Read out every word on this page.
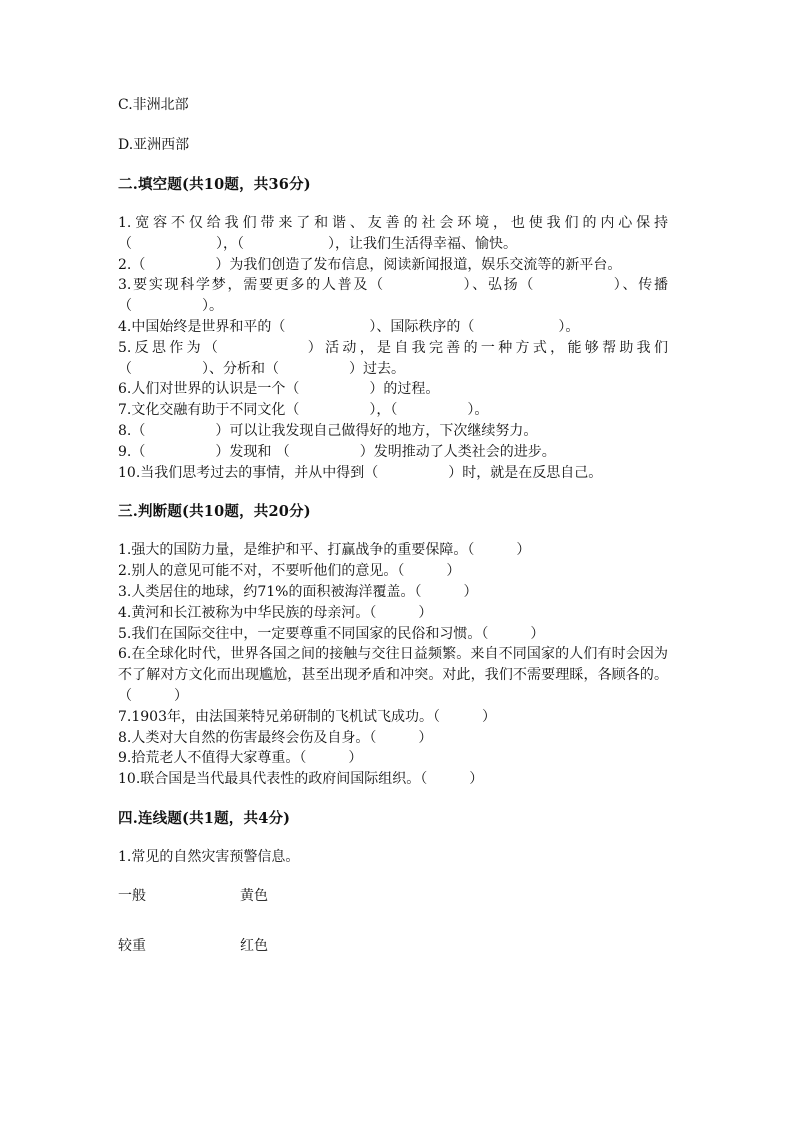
C.非洲北部
D.亚洲西部
二.填空题(共10题，共36分)
1.宽容不仅给我们带来了和谐、友善的社会环境，也使我们的内心保持（　　　　　　），（　　　　　　），让我们生活得幸福、愉快。
2.（　　　　　）为我们创造了发布信息，阅读新闻报道，娱乐交流等的新平台。
3.要实现科学梦，需要更多的人普及（　　　　　）、弘扬（　　　　　）、传播（　　　　　）。
4.中国始终是世界和平的（　　　　　　）、国际秩序的（　　　　　　）。
5.反思作为（　　　　　）活动，是自我完善的一种方式，能够帮助我们（　　　　　）、分析和（　　　　　）过去。
6.人们对世界的认识是一个（　　　　　）的过程。
7.文化交融有助于不同文化（　　　　　），（　　　　　）。
8.（　　　　　）可以让我发现自己做得好的地方，下次继续努力。
9.（　　　　　）发现和 （　　　　　）发明推动了人类社会的进步。
10.当我们思考过去的事情，并从中得到（　　　　　）时，就是在反思自己。
三.判断题(共10题，共20分)
1.强大的国防力量，是维护和平、打赢战争的重要保障。（　　　）
2.别人的意见可能不对，不要听他们的意见。（　　　）
3.人类居住的地球，约71%的面积被海洋覆盖。（　　　）
4.黄河和长江被称为中华民族的母亲河。（　　　）
5.我们在国际交往中，一定要尊重不同国家的民俗和习惯。（　　　）
6.在全球化时代，世界各国之间的接触与交往日益频繁。来自不同国家的人们有时会因为不了解对方文化而出现尴尬，甚至出现矛盾和冲突。对此，我们不需要理睬，各顾各的。（　　　）
7.1903年，由法国莱特兄弟研制的飞机试飞成功。（　　　）
8.人类对大自然的伤害最终会伤及自身。（　　　）
9.拾荒老人不值得大家尊重。（　　　）
10.联合国是当代最具代表性的政府间国际组织。（　　　）
四.连线题(共1题，共4分)
1.常见的自然灾害预警信息。
一般	黄色
较重	红色
